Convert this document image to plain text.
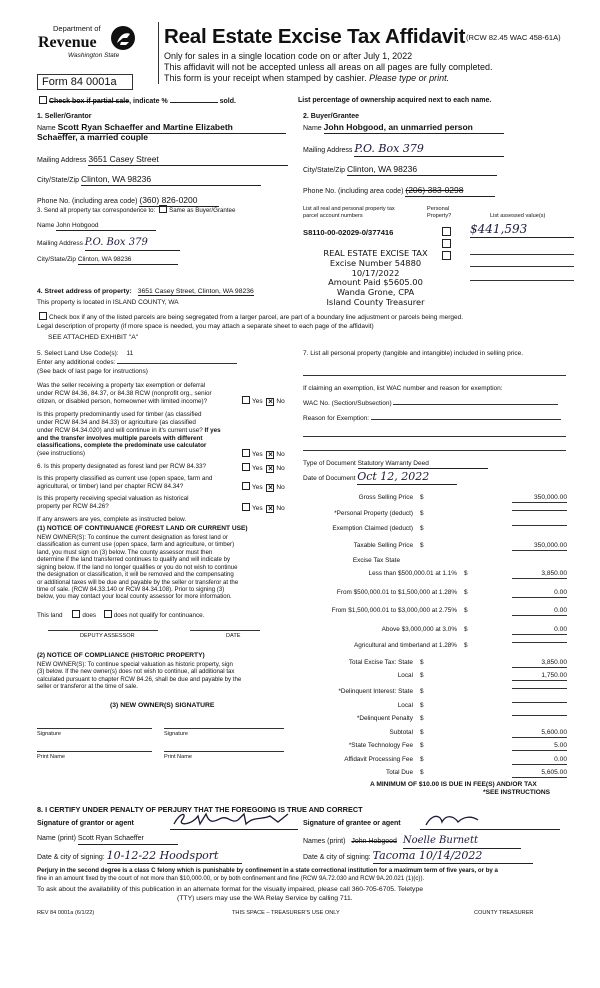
Department of
Revenue
Washington State
Real Estate Excise Tax Affidavit (RCW 82.45 WAC 458-61A)
Only for sales in a single location code on or after July 1, 2022
This affidavit will not be accepted unless all areas on all pages are fully completed.
This form is your receipt when stamped by cashier. Please type or print.
Form 84 0001a
Check box if partial sale, indicate %	sold.	List percentage of ownership acquired next to each name.
1. Seller/Grantor
Name Scott Ryan Schaeffer and Martine Elizabeth
Schaeffer, a married couple
Mailing Address 3651 Casey Street
City/State/Zip Clinton, WA 98236
Phone No. (including area code) (360) 826-0200
3. Send all property tax correspondence to: Same as Buyer/Grantee
Name John Hobgood
Mailing Address P.O. Box 379
City/State/Zip Clinton, WA 98236
2. Buyer/Grantee
Name John Hobgood, an unmarried person
Mailing Address P.O. Box 379
City/State/Zip Clinton, WA 98236
Phone No. (including area code) (206) 383-0298
List all real and personal property tax
parcel account numbers
Personal
Property?	List assessed value(s)
S8110-00-02029-0/377416	$441,593
REAL ESTATE EXCISE TAX
Excise Number 54880
10/17/2022
Amount Paid $5605.00
Wanda Grone, CPA
Island County Treasurer
4. Street address of property: 3651 Casey Street, Clinton, WA 98236
This property is located in ISLAND COUNTY, WA
Check box if any of the listed parcels are being segregated from a larger parcel, are part of a boundary line adjustment or parcels being merged.
Legal description of property (if more space is needed, you may attach a separate sheet to each page of the affidavit)
SEE ATTACHED EXHIBIT "A"
5. Select Land Use Code(s): 11
Enter any additional codes:
(See back of last page for instructions)
Was the seller receiving a property tax exemption or deferral
under RCW 84.36, 84.37, or 84.38 RCW (nonprofit org., senior
citizen, or disabled person, homeowner with limited income)?	Yes × No
Is this property predominantly used for timber (as classified
under RCW 84.34 and 84.33) or agriculture (as classified
under RCW 84.34.020) and will continue in it's current use? If yes
and the transfer involves multiple parcels with different
classifications, complete the predominate use calculator
(see instructions)	Yes × No
6. Is this property designated as forest land per RCW 84.33?	Yes × No
Is this property classified as current use (open space, farm and
agricultural, or timber) land per chapter RCW 84.34?	Yes × No
Is this property receiving special valuation as historical
property per RCW 84.26?	Yes × No
If any answers are yes, complete as instructed below.
(1) NOTICE OF CONTINUANCE (FOREST LAND OR CURRENT USE)
NEW OWNER(S): To continue the current designation as forest land or
classification as current use (open space, farm and agriculture, or timber)
land, you must sign on (3) below. The county assessor must then
determine if the land transferred continues to qualify and will indicate by
signing below. If the land no longer qualifies or you do not wish to continue
the designation or classification, it will be removed and the compensating
or additional taxes will be due and payable by the seller or transferor at the
time of sale. (RCW 84.33.140 or RCW 84.34.108). Prior to signing (3)
below, you may contact your local county assessor for more information.
This land	does	does not qualify for continuance.
DEPUTY ASSESSOR	DATE
(2) NOTICE OF COMPLIANCE (HISTORIC PROPERTY)
NEW OWNER(S): To continue special valuation as historic property, sign
(3) below. If the new owner(s) does not wish to continue, all additional tax
calculated pursuant to chapter RCW 84.26, shall be due and payable by the
seller or transferor at the time of sale.
(3) NEW OWNER(S) SIGNATURE
Signature	Signature
Print Name	Print Name
7. List all personal property (tangible and intangible) included in selling price.
If claiming an exemption, list WAC number and reason for exemption:
WAC No. (Section/Subsection)
Reason for Exemption:
Type of Document Statutory Warranty Deed
Date of Document Oct 12, 2022
Gross Selling Price $	350,000.00
*Personal Property (deduct) $
Exemption Claimed (deduct) $
Taxable Selling Price $	350,000.00
Excise Tax State
Less than $500,000.01 at 1.1% $	3,850.00
From $500,000.01 to $1,500,000 at 1.28% $	0.00
From $1,500,000.01 to $3,000,000 at 2.75% $	0.00
Above $3,000,000 at 3.0% $	0.00
Agricultural and timberland at 1.28% $
Total Excise Tax: State $	3,850.00
Local $	1,750.00
*Delinquent Interest: State $
Local $
*Delinquent Penalty $
Subtotal $	5,600.00
*State Technology Fee $	5.00
Affidavit Processing Fee $	0.00
Total Due $	5,605.00
A MINIMUM OF $10.00 IS DUE IN FEE(S) AND/OR TAX
*SEE INSTRUCTIONS
8. I CERTIFY UNDER PENALTY OF PERJURY THAT THE FOREGOING IS TRUE AND CORRECT
Signature of grantor or agent	Signature of grantee or agent
Name (print) Scott Ryan Schaeffer	Names (print) John Hobgood Noelle Burnett
Date & city of signing: 10-12-22 Hoodsport	Date & city of signing: Tacoma 10/14/2022
Perjury in the second degree is a class C felony which is punishable by confinement in a state correctional institution for a maximum term of five years, or by a
fine in an amount fixed by the court of not more than $10,000.00, or by both confinement and fine (RCW 9A.72.030 and RCW 9A.20.021 (1)(c)).
To ask about the availability of this publication in an alternate format for the visually impaired, please call 360-705-6705. Teletype
(TTY) users may use the WA Relay Service by calling 711.
REV 84 0001a (6/1/22)	THIS SPACE – TREASURER'S USE ONLY	COUNTY TREASURER
